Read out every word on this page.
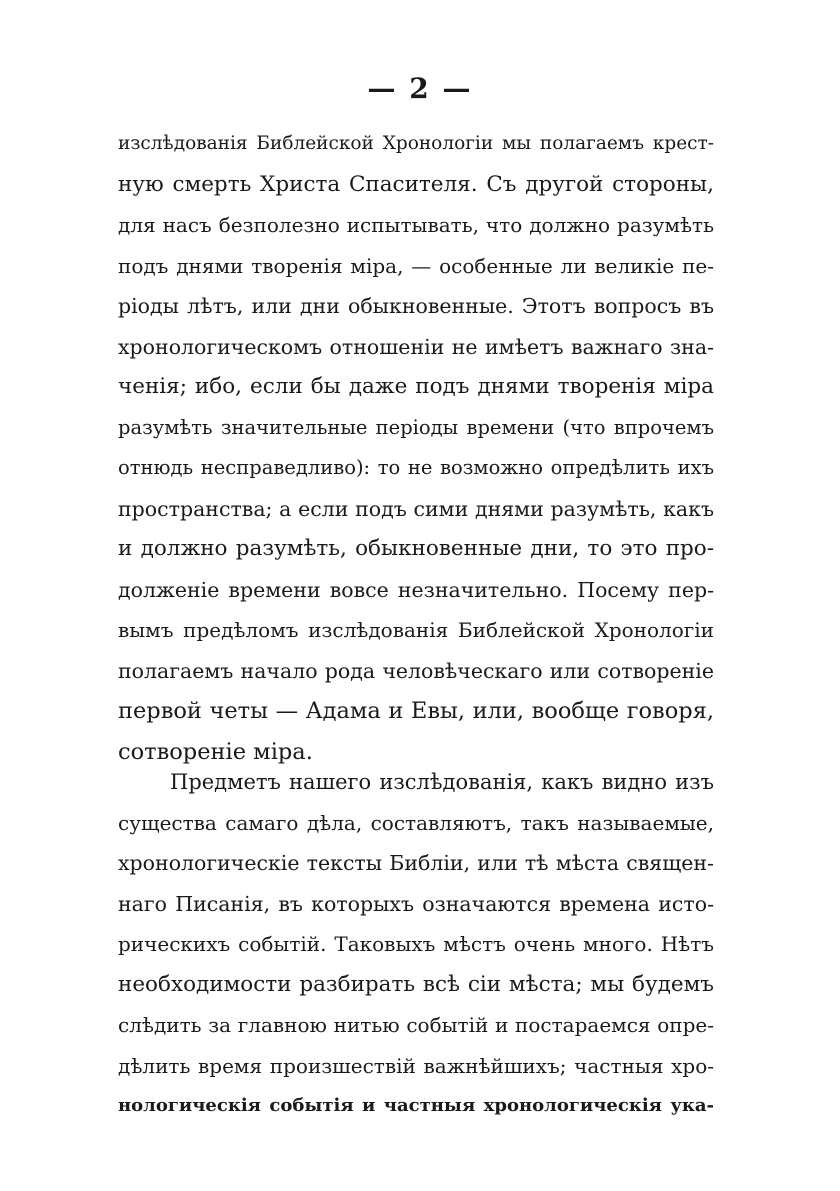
— 2 —
изслѣдованія Библейской Хронологіи мы полагаемъ крест-
ную смерть Христа Спасителя. Съ другой стороны,
для насъ безполезно испытывать, что должно разумѣть
подъ днями творенія міра, — особенные ли великіе пе-
ріоды лѣтъ, или дни обыкновенные. Этотъ вопросъ въ
хронологическомъ отношеніи не имѣетъ важнаго зна-
ченія; ибо, если бы даже подъ днями творенія міра
разумѣть значительные періоды времени (что впрочемъ
отнюдь несправедливо): то не возможно опредѣлить ихъ
пространства; а если подъ сими днями разумѣть, какъ
и должно разумѣть, обыкновенные дни, то это про-
долженіе времени вовсе незначительно. Посему пер-
вымъ предѣломъ изслѣдованія Библейской Хронологіи
полагаемъ начало рода человѣческаго или сотвореніе
первой четы — Адама и Евы, или, вообще говоря,
сотвореніе міра.
Предметъ нашего изслѣдованія, какъ видно изъ
существа самаго дѣла, составляютъ, такъ называемые,
хронологическіе тексты Библіи, или тѣ мѣста священ-
наго Писанія, въ которыхъ означаются времена исто-
рическихъ событій. Таковыхъ мѣстъ очень много. Нѣтъ
необходимости разбирать всѣ сіи мѣста; мы будемъ
слѣдить за главною нитью событій и постараемся опре-
дѣлить время произшествій важнѣйшихъ; частныя хро-
нологическія событія и частныя хронологическія ука-
